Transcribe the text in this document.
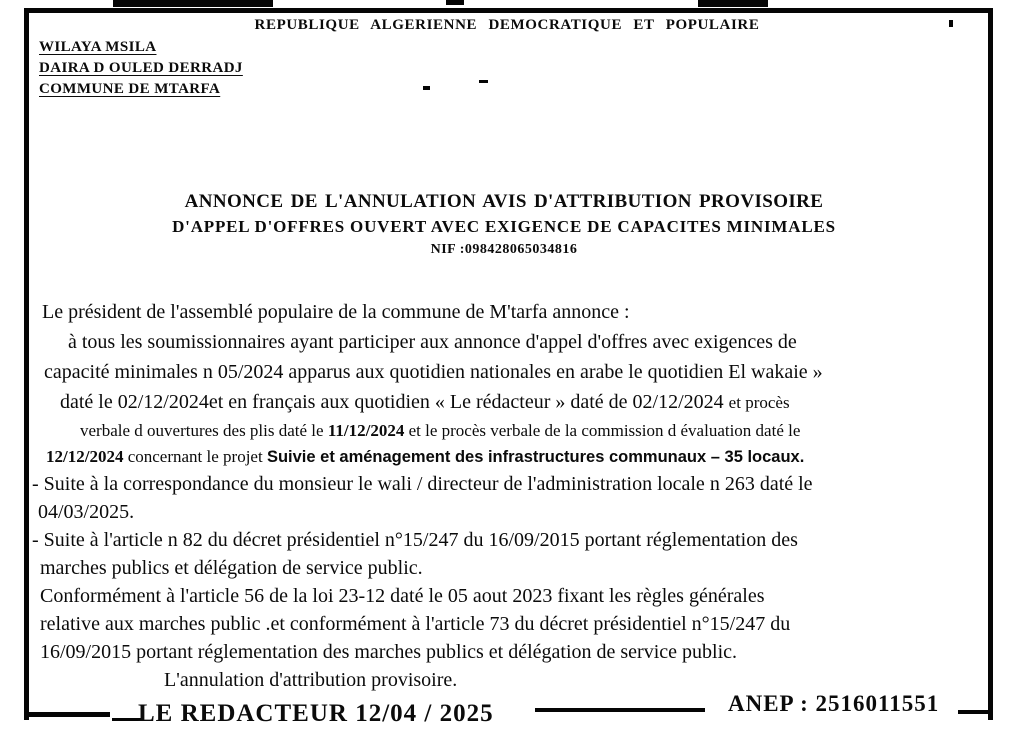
REPUBLIQUE ALGERIENNE DEMOCRATIQUE ET POPULAIRE
WILAYA MSILA
DAIRA D OULED DERRADJ
COMMUNE DE MTARFA
ANNONCE DE L'ANNULATION AVIS D'ATTRIBUTION PROVISOIRE
D'APPEL D'OFFRES OUVERT AVEC EXIGENCE DE CAPACITES MINIMALES
NIF :098428065034816
Le président de l'assemblé populaire de la commune de M'tarfa annonce :
à tous les soumissionnaires ayant participer aux annonce d'appel d'offres avec exigences de
capacité minimales n 05/2024 apparus aux quotidien nationales en arabe le quotidien El wakaie »
daté le 02/12/2024et en français aux quotidien « Le rédacteur » daté de 02/12/2024 et procès
verbale d ouvertures des plis daté le 11/12/2024 et le procès verbale de la commission d évaluation daté le
12/12/2024 concernant le projet Suivie et aménagement des infrastructures communaux – 35 locaux.
- Suite à la correspondance du monsieur le wali / directeur de l'administration locale n 263 daté le
04/03/2025.
- Suite à l'article n 82 du décret présidentiel n°15/247 du 16/09/2015 portant réglementation des
marches publics et délégation de service public.
Conformément à l'article 56 de la loi 23-12 daté le 05 aout 2023 fixant les règles générales
relative aux marches public .et conformément à l'article 73 du décret présidentiel n°15/247 du
16/09/2015 portant réglementation des marches publics et délégation de service public.
L'annulation d'attribution provisoire.
LE REDACTEUR 12/04 / 2025	ANEP : 2516011551
